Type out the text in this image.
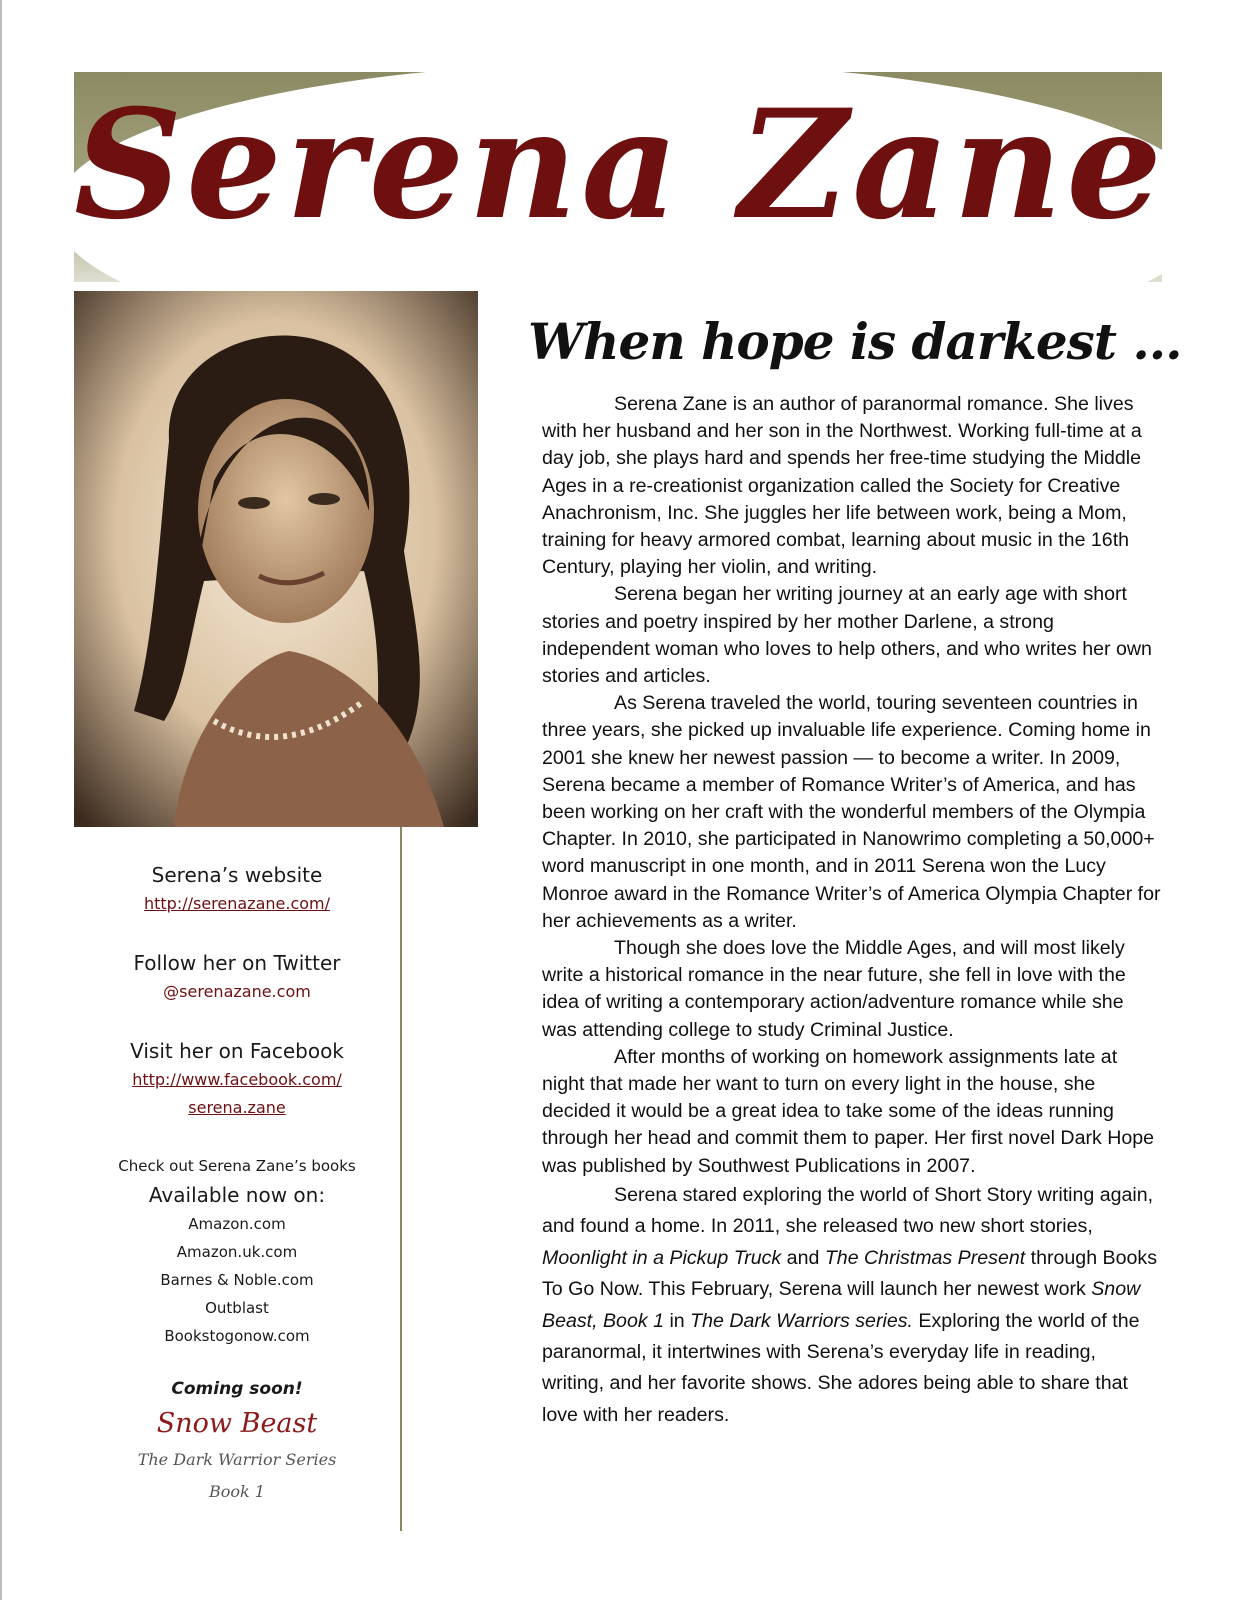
Serena Zane
Serena’s website
http://serenazane.com/
Follow her on Twitter
@serenazane.com
Visit her on Facebook
http://www.facebook.com/
serena.zane
Check out Serena Zane’s books
Available now on:
Amazon.com
Amazon.uk.com
Barnes & Noble.com
Outblast
Bookstogonow.com
Coming soon!
Snow Beast
The Dark Warrior Series
Book 1
When hope is darkest ...

Serena Zane is an author of paranormal romance. She lives with her husband and her son in the Northwest. Working full-time at a day job, she plays hard and spends her free-time studying the Middle Ages in a re-creationist organization called the Society for Creative Anachronism, Inc. She juggles her life between work, being a Mom, training for heavy armored combat, learning about music in the 16th Century, playing her violin, and writing.

Serena began her writing journey at an early age with short stories and poetry inspired by her mother Darlene, a strong independent woman who loves to help others, and who writes her own stories and articles.

As Serena traveled the world, touring seventeen countries in three years, she picked up invaluable life experience. Coming home in 2001 she knew her newest passion — to become a writer. In 2009, Serena became a member of Romance Writer’s of America, and has been working on her craft with the wonderful members of the Olympia Chapter. In 2010, she participated in Nanowrimo completing a 50,000+ word manuscript in one month, and in 2011 Serena won the Lucy Monroe award in the Romance Writer’s of America Olympia Chapter for her achievements as a writer.

Though she does love the Middle Ages, and will most likely write a historical romance in the near future, she fell in love with the idea of writing a contemporary action/adventure romance while she was attending college to study Criminal Justice.

After months of working on homework assignments late at night that made her want to turn on every light in the house, she decided it would be a great idea to take some of the ideas running through her head and commit them to paper. Her first novel Dark Hope was published by Southwest Publications in 2007.

Serena stared exploring the world of Short Story writing again, and found a home. In 2011, she released two new short stories, Moonlight in a Pickup Truck and The Christmas Present through Books To Go Now. This February, Serena will launch her newest work Snow Beast, Book 1 in The Dark Warriors series. Exploring the world of the paranormal, it intertwines with Serena’s everyday life in reading, writing, and her favorite shows. She adores being able to share that love with her readers.
